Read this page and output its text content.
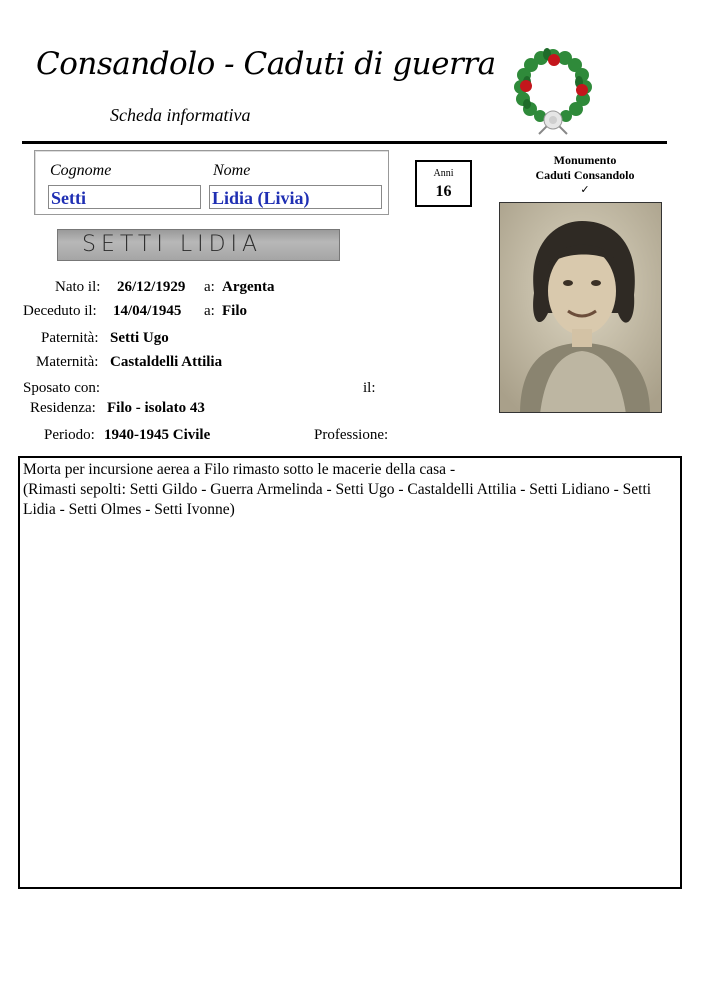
Consandolo - Caduti di guerra
Scheda informativa
Cognome	Nome
Setti	Lidia (Livia)
Anni
16
Monumento
Caduti Consandolo
✓
SETTI LIDIA
Nato il: 26/12/1929 a: Argenta
Deceduto il: 14/04/1945 a: Filo
Paternità: Setti Ugo
Maternità: Castaldelli Attilia
Sposato con:	il:
Residenza: Filo - isolato 43
Periodo: 1940-1945 Civile	Professione:
Morta per incursione aerea a Filo rimasto sotto le macerie della casa -
(Rimasti sepolti: Setti Gildo - Guerra Armelinda - Setti Ugo - Castaldelli Attilia - Setti Lidiano - Setti Lidia - Setti Olmes - Setti Ivonne)
